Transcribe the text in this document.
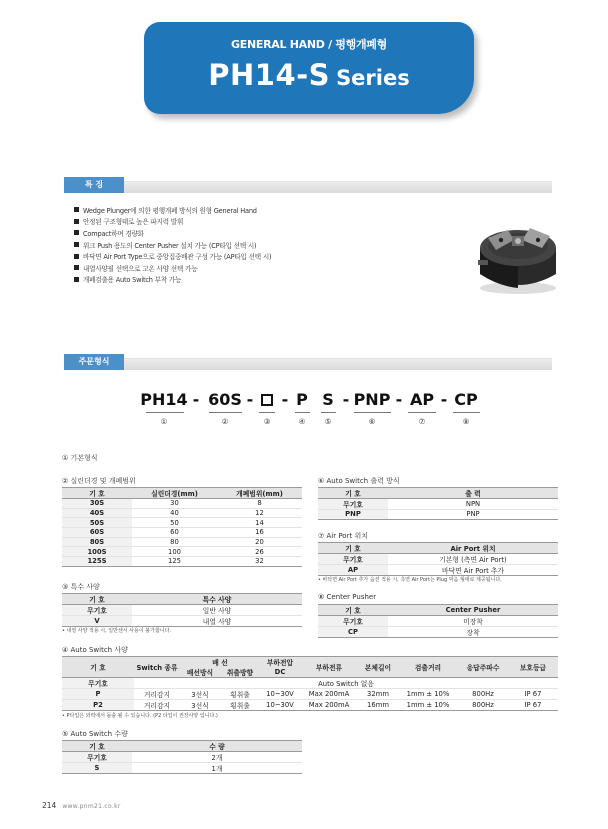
GENERAL HAND / 평행개폐형
PH14-S Series
특 징
Wedge Plunger에 의한 평행개폐 방식의 원형 General Hand
안정된 구조형태로 높은 파지력 발휘
Compact하며 경량화
워크 Push 용도의 Center Pusher 설치 가능 (CP타입 선택 시)
바닥면 Air Port Type으로 중앙집중배관 구성 가능 (AP타입 선택 시)
내열사양필 선택으로 고온 사양 선택 가능
개폐검출용 Auto Switch 부착 가능
주문형식
PH14 - 60S - - P S - PNP - AP - CP
①	②	③	④	⑤	⑥	⑦	⑧
① 기본형식
② 실린더경 및 개폐범위
기 호	실린더경(mm)	개폐범위(mm)
30S	30	8
40S	40	12
50S	50	14
60S	60	16
80S	80	20
100S	100	26
125S	125	32
③ 특수 사양
기 호	특수 사양
무기호	일반 사양
V	내열 사양
• 내열 사양 적용 시, 일반센서 사용이 불가합니다.
⑥ Auto Switch 출력 방식
기 호	출 력
무기호	NPN
PNP	PNP
⑦ Air Port 위치
기 호	Air Port 위치
무기호	기본형 (측면 Air Port)
AP	바닥면 Air Port 추가
• 바닥면 Air Port 추가 옵션 적용 시, 측면 Air Port는 Plug 막음 형태로 제공됩니다.
⑧ Center Pusher
기 호	Center Pusher
무기호	미장착
CP	장착
④ Auto Switch 사양
기 호	Switch 종류	배 선		부하전압	부하전류	본체길이	검출거리	응답주파수	보호등급
		배선방식	취출방향	DC					
무기호	Auto Switch 없음								
P	거리감지	3선식	횡취출	10~30V	Max 200mA	32mm	1mm ± 10%	800Hz	IP 67
P2	거리감지	3선식	횡취출	10~30V	Max 200mA	16mm	1mm ± 10%	800Hz	IP 67
• P타입은 외력에서 돌출 될 수 있습니다. (P2 타입이 권장사양 입니다.)
⑤ Auto Switch 수량
기 호	수 량
무기호	2개
S	1개
214 www.pnm21.co.kr
